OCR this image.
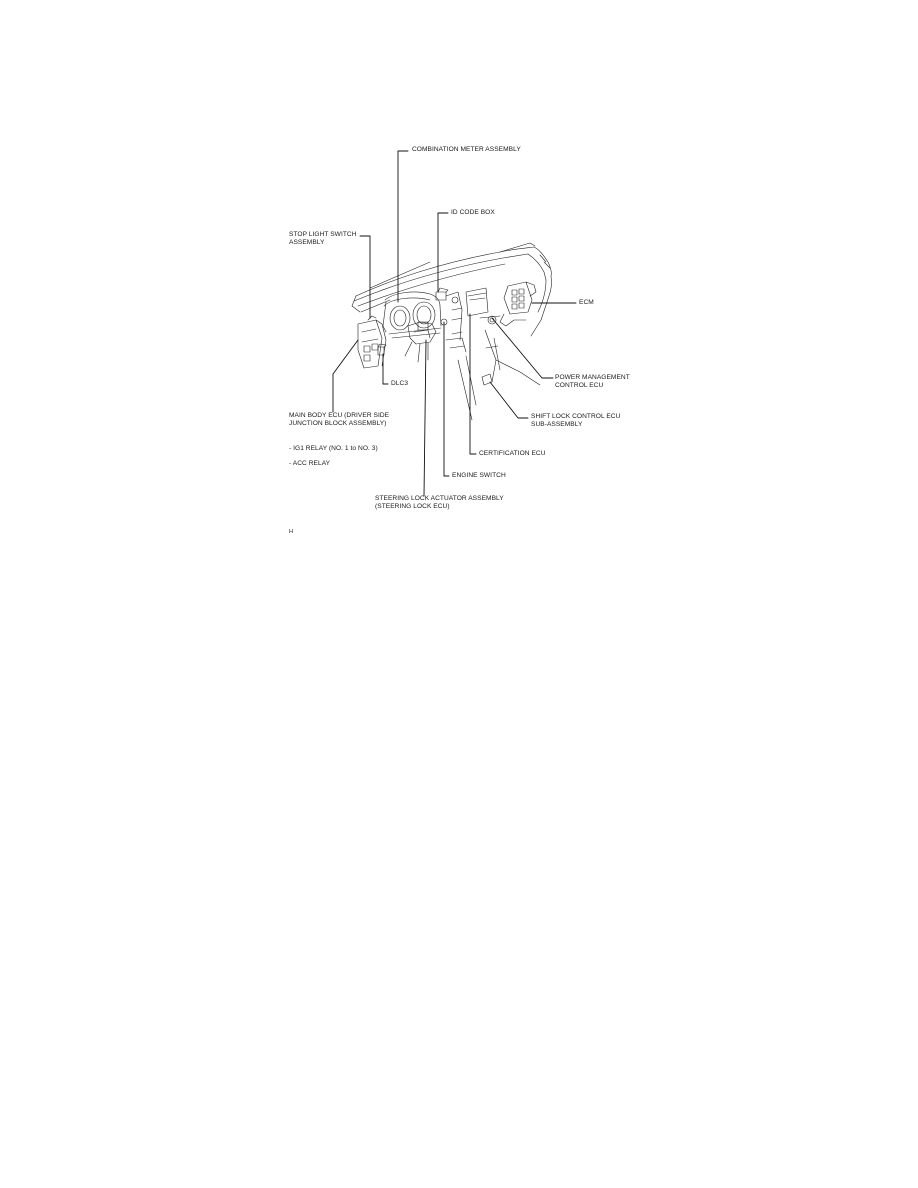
COMBINATION METER ASSEMBLY
ID CODE BOX
STOP LIGHT SWITCH
ASSEMBLY
ECM
POWER MANAGEMENT
CONTROL ECU
DLC3
MAIN BODY ECU (DRIVER SIDE
JUNCTION BLOCK ASSEMBLY)
SHIFT LOCK CONTROL ECU
SUB-ASSEMBLY
- IG1 RELAY (NO. 1 to NO. 3)
CERTIFICATION ECU
- ACC RELAY
ENGINE SWITCH
STEERING LOCK ACTUATOR ASSEMBLY
(STEERING LOCK ECU)
H
